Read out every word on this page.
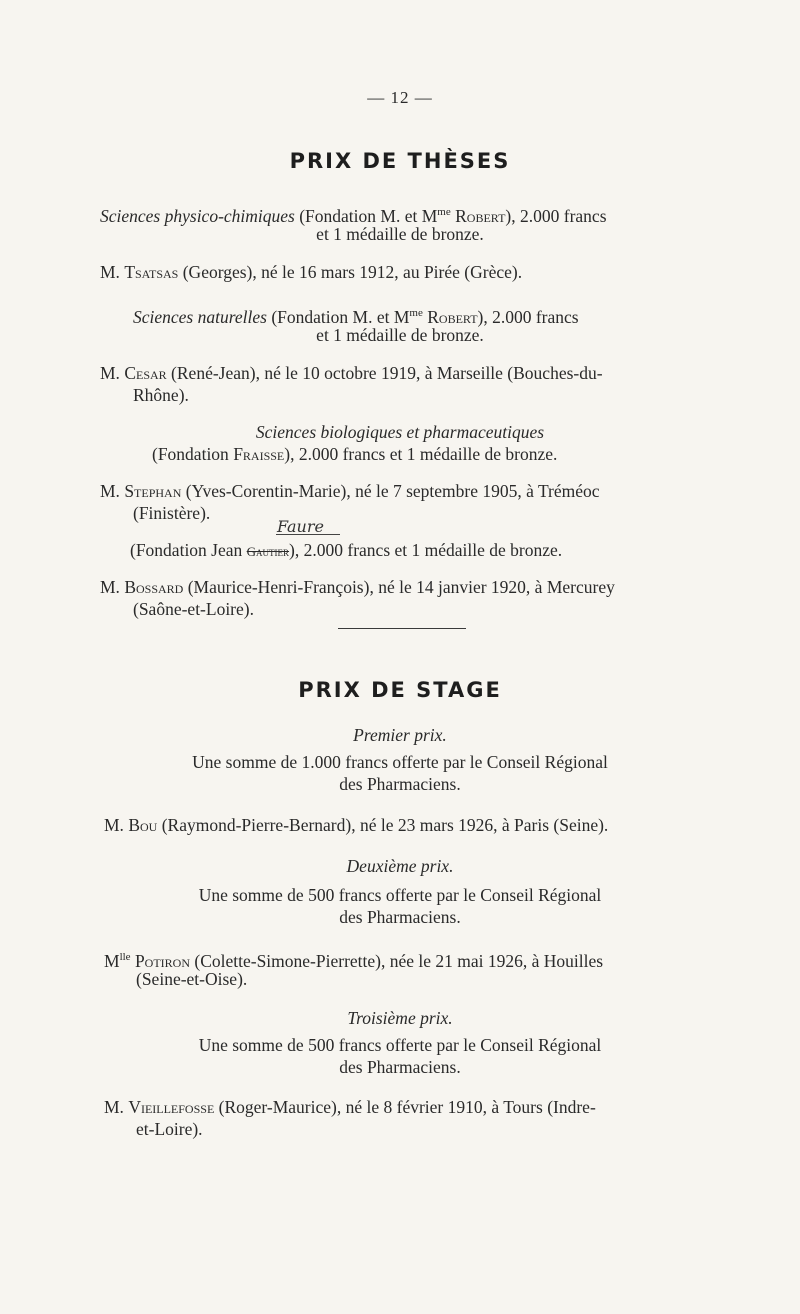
— 12 —
PRIX DE THÈSES
Sciences physico-chimiques (Fondation M. et $M^{me}$ Robert), 2.000 francs
et 1 médaille de bronze.
M. Tsatsas (Georges), né le 16 mars 1912, au Pirée (Grèce).
Sciences naturelles (Fondation M. et $M^{me}$ Robert), 2.000 francs
et 1 médaille de bronze.
M. Cesar (René-Jean), né le 10 octobre 1919, à Marseille (Bouches-du-
Rhône).
Sciences biologiques et pharmaceutiques
(Fondation Fraisse), 2.000 francs et 1 médaille de bronze.
M. Stephan (Yves-Corentin-Marie), né le 7 septembre 1905, à Tréméoc
(Finistère).
Faure
(Fondation Jean Gautier), 2.000 francs et 1 médaille de bronze.
M. Bossard (Maurice-Henri-François), né le 14 janvier 1920, à Mercurey
(Saône-et-Loire).
PRIX DE STAGE
Premier prix.
Une somme de 1.000 francs offerte par le Conseil Régional
des Pharmaciens.
M. Bou (Raymond-Pierre-Bernard), né le 23 mars 1926, à Paris (Seine).
Deuxième prix.
Une somme de 500 francs offerte par le Conseil Régional
des Pharmaciens.
$M^{lle}$ Potiron (Colette-Simone-Pierrette), née le 21 mai 1926, à Houilles
(Seine-et-Oise).
Troisième prix.
Une somme de 500 francs offerte par le Conseil Régional
des Pharmaciens.
M. Vieillefosse (Roger-Maurice), né le 8 février 1910, à Tours (Indre-
et-Loire).
